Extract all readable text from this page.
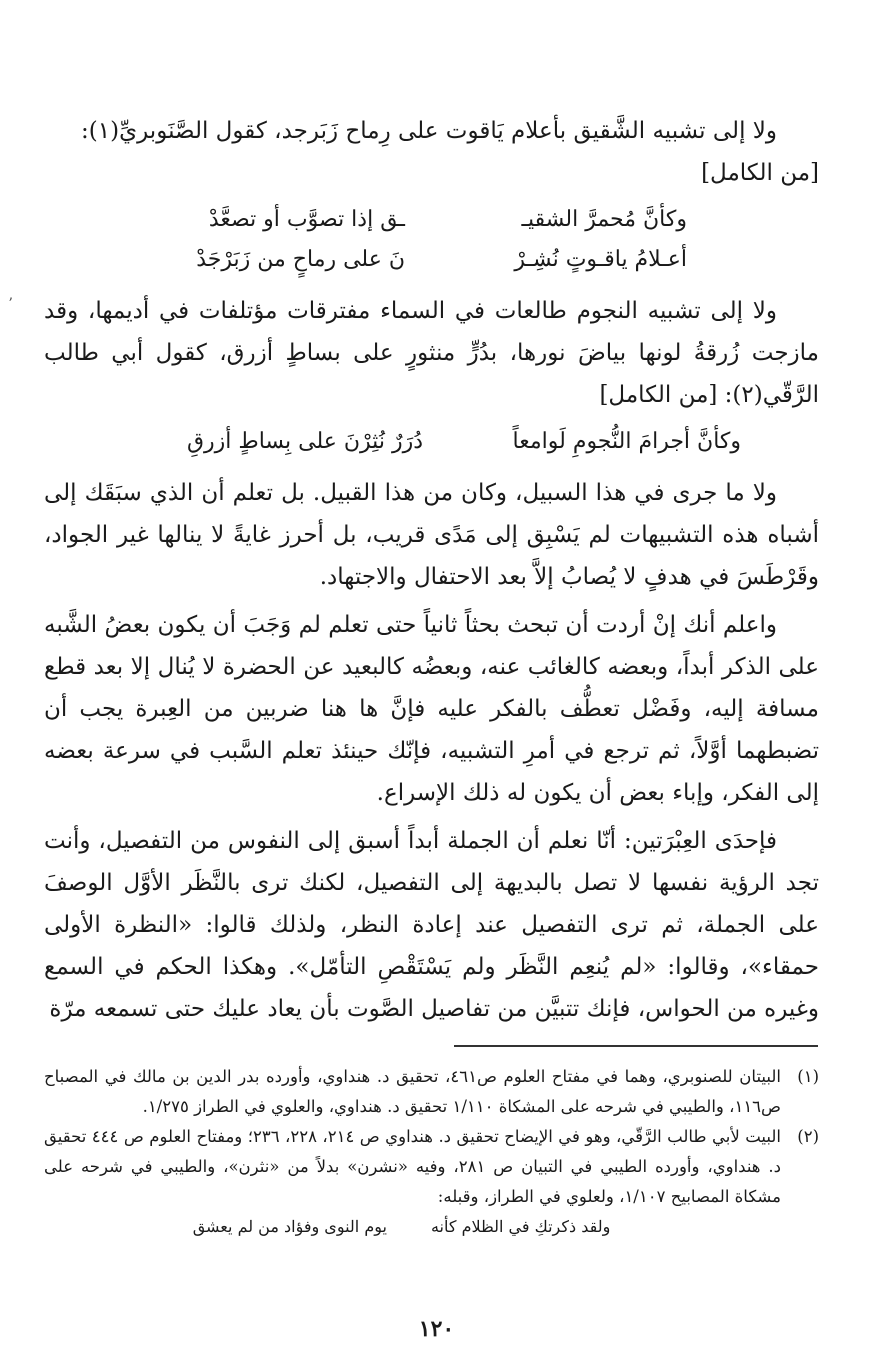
ولا إلى تشبيه الشَّقيق بأعلام يَاقوت على رِماح زَبَرجد، كقول الصَّنَوبريِّ(١):

[من الكامل]

وكأنَّ مُحمرَّ الشقيـ
ـق إذا تصوَّب أو تصعَّدْ
أعـلامُ ياقـوتٍ نُشِـرْ
نَ على رماحٍ من زَبَرْجَدْ

ولا إلى تشبيه النجوم طالعات في السماء مفترقات مؤتلفات في أديمها، وقد مازجت زُرقةُ لونها بياضَ نورها، بدُرٍّ منثورٍ على بساطٍ أزرق، كقول أبي طالب الرَّقّي(٢): [من الكامل]

وكأنَّ أجرامَ النُّجومِ لَوامعاً
دُرَرٌ نُثِرْنَ على بِساطٍ أزرقِ

ولا ما جرى في هذا السبيل، وكان من هذا القبيل. بل تعلم أن الذي سبَقَك إلى أشباه هذه التشبيهات لم يَسْبِق إلى مَدًى قريب، بل أحرز غايةً لا ينالها غير الجواد، وقَرْطَسَ في هدفٍ لا يُصابُ إلاَّ بعد الاحتفال والاجتهاد.

واعلم أنك إنْ أردت أن تبحث بحثاً ثانياً حتى تعلم لم وَجَبَ أن يكون بعضُ الشَّبه على الذكر أبداً، وبعضه كالغائب عنه، وبعضُه كالبعيد عن الحضرة لا يُنال إلا بعد قطع مسافة إليه، وفَضْل تعطُّف بالفكر عليه فإنَّ ها هنا ضربين من العِبرة يجب أن تضبطهما أوَّلاً، ثم ترجع في أمرِ التشبيه، فإنّك حينئذ تعلم السَّبب في سرعة بعضه إلى الفكر، وإباء بعض أن يكون له ذلك الإسراع.

فإحدَى العِبْرَتين: أنّا نعلم أن الجملة أبداً أسبق إلى النفوس من التفصيل، وأنت تجد الرؤية نفسها لا تصل بالبديهة إلى التفصيل، لكنك ترى بالنَّظَر الأوَّل الوصفَ على الجملة، ثم ترى التفصيل عند إعادة النظر، ولذلك قالوا: «النظرة الأولى حمقاء»، وقالوا: «لم يُنعِم النَّظَر ولم يَسْتَقْصِ التأمّل». وهكذا الحكم في السمع وغيره من الحواس، فإنك تتبيَّن من تفاصيل الصَّوت بأن يعاد عليك حتى تسمعه مرّة

ʼ
(١)
البيتان للصنوبري، وهما في مفتاح العلوم ص٤٦١، تحقيق د. هنداوي، وأورده بدر الدين بن مالك في المصباح ص١١٦، والطيبي في شرحه على المشكاة ١/١١٠ تحقيق د. هنداوي، والعلوي في الطراز ١/٢٧٥.
(٢)
البيت لأبي طالب الرَّقّي، وهو في الإيضاح تحقيق د. هنداوي ص ٢١٤، ٢٢٨، ٢٣٦؛ ومفتاح العلوم ص ٤٤٤ تحقيق د. هنداوي، وأورده الطيبي في التبيان ص ٢٨١، وفيه «نشرن» بدلاً من «نثرن»، والطيبي في شرحه على مشكاة المصابيح ١/١٠٧، ولعلوي في الطراز، وقبله:
ولقد ذكرتكِ في الظلام كأنه
يوم النوى وفؤاد من لم يعشق
١٢٠
